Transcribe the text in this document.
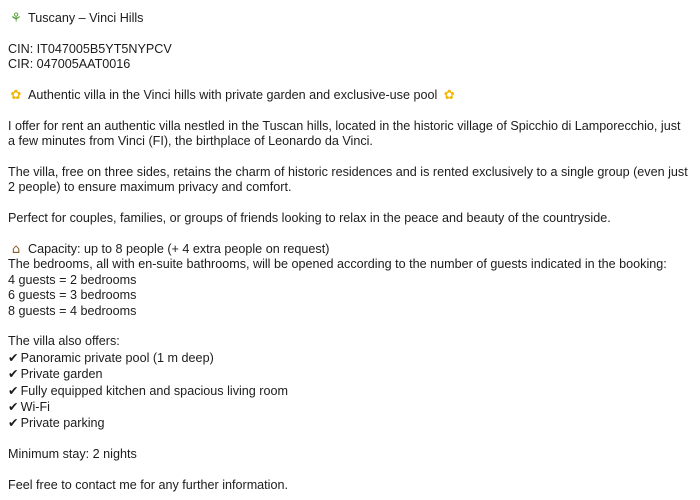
⚘ Tuscany – Vinci Hills
CIN: IT047005B5YT5NYPCV
CIR: 047005AAT0016
✿ Authentic villa in the Vinci hills with private garden and exclusive-use pool ✿
I offer for rent an authentic villa nestled in the Tuscan hills, located in the historic village of Spicchio di Lamporecchio, just a few minutes from Vinci (FI), the birthplace of Leonardo da Vinci.
The villa, free on three sides, retains the charm of historic residences and is rented exclusively to a single group (even just 2 people) to ensure maximum privacy and comfort.
Perfect for couples, families, or groups of friends looking to relax in the peace and beauty of the countryside.
⌂ Capacity: up to 8 people (+ 4 extra people on request)
The bedrooms, all with en-suite bathrooms, will be opened according to the number of guests indicated in the booking:
4 guests = 2 bedrooms
6 guests = 3 bedrooms
8 guests = 4 bedrooms
The villa also offers:
✔ Panoramic private pool (1 m deep)
✔ Private garden
✔ Fully equipped kitchen and spacious living room
✔ Wi-Fi
✔ Private parking
Minimum stay: 2 nights
Feel free to contact me for any further information.
